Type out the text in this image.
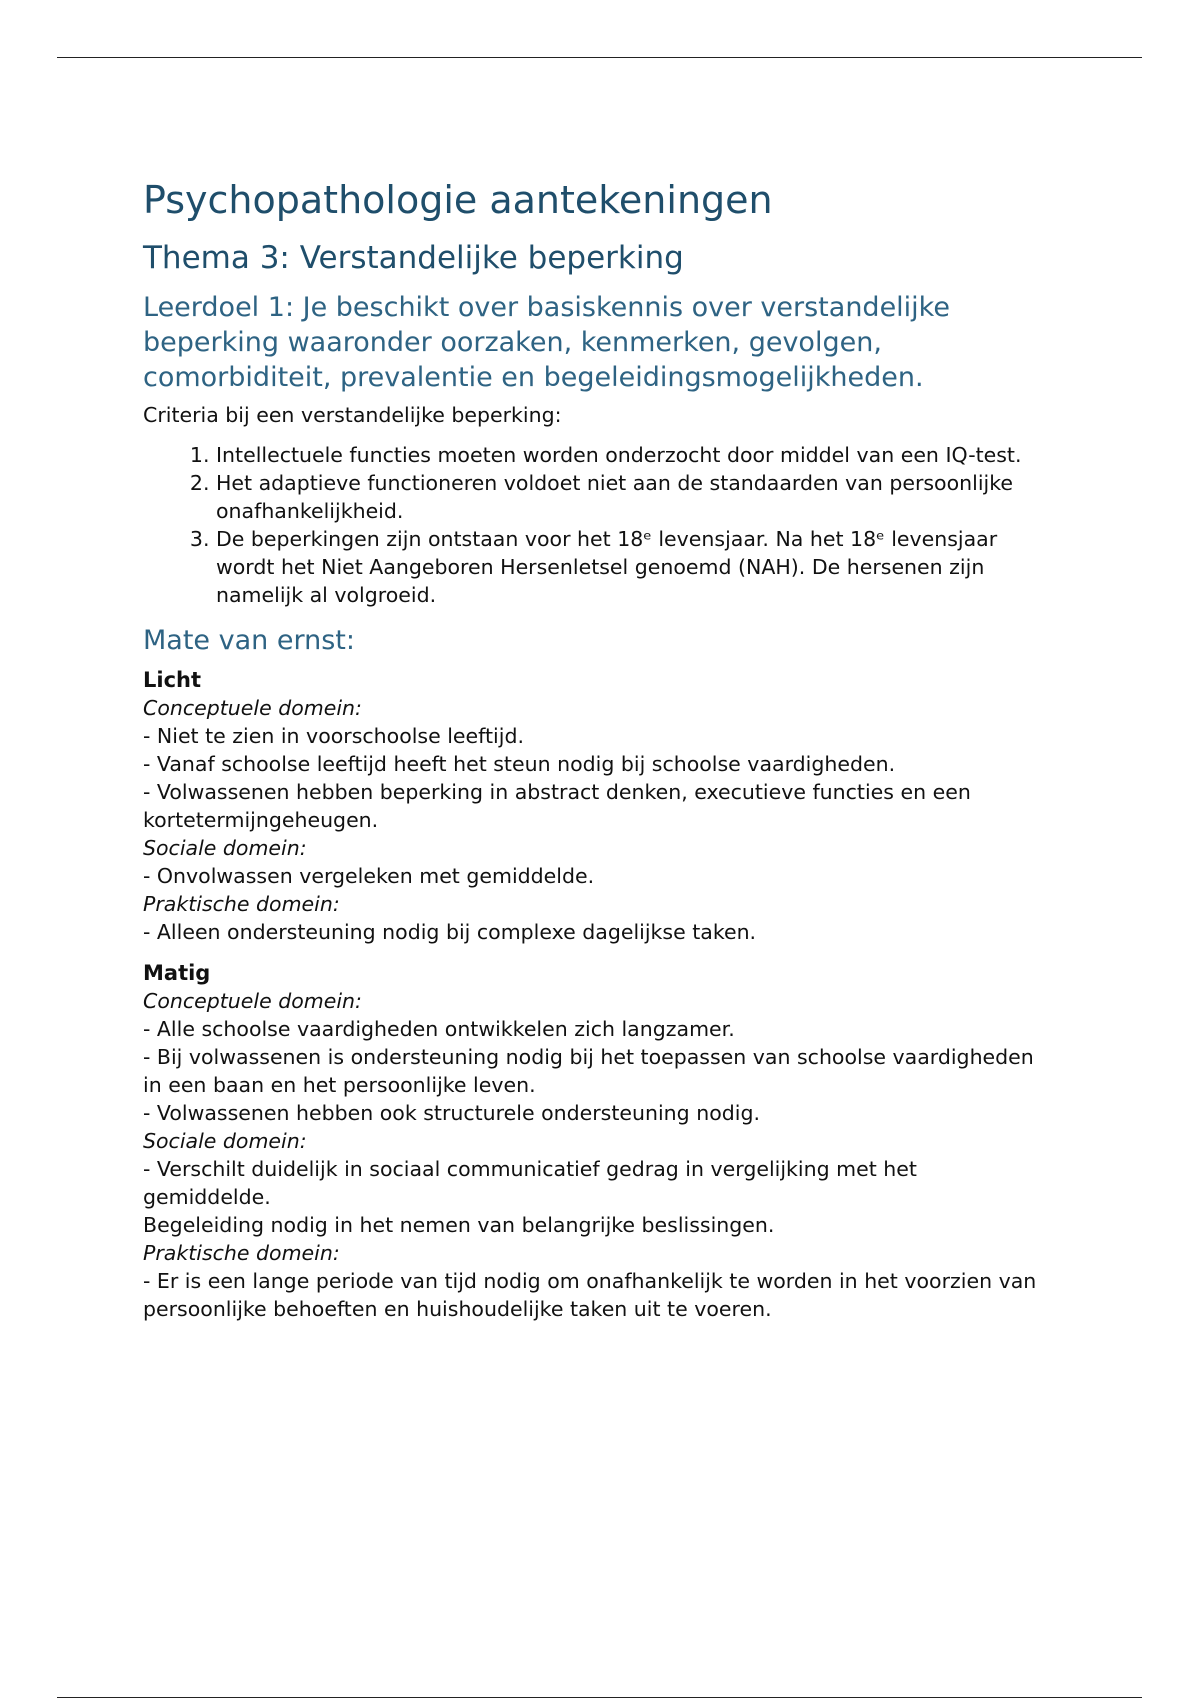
Psychopathologie aantekeningen
Thema 3: Verstandelijke beperking
Leerdoel 1: Je beschikt over basiskennis over verstandelijke beperking waaronder oorzaken, kenmerken, gevolgen, comorbiditeit, prevalentie en begeleidingsmogelijkheden.

Criteria bij een verstandelijke beperking:

1. Intellectuele functies moeten worden onderzocht door middel van een IQ-test.
2. Het adaptieve functioneren voldoet niet aan de standaarden van persoonlijke onafhankelijkheid.
3. De beperkingen zijn ontstaan voor het 18ᵉ levensjaar. Na het 18ᵉ levensjaar wordt het Niet Aangeboren Hersenletsel genoemd (NAH). De hersenen zijn namelijk al volgroeid.
Mate van ernst:

Licht

Conceptuele domein:

- Niet te zien in voorschoolse leeftijd.

- Vanaf schoolse leeftijd heeft het steun nodig bij schoolse vaardigheden.

- Volwassenen hebben beperking in abstract denken, executieve functies en een kortetermijngeheugen.

Sociale domein:

- Onvolwassen vergeleken met gemiddelde.

Praktische domein:

- Alleen ondersteuning nodig bij complexe dagelijkse taken.

Matig

Conceptuele domein:

- Alle schoolse vaardigheden ontwikkelen zich langzamer.

- Bij volwassenen is ondersteuning nodig bij het toepassen van schoolse vaardigheden in een baan en het persoonlijke leven.

- Volwassenen hebben ook structurele ondersteuning nodig.

Sociale domein:

- Verschilt duidelijk in sociaal communicatief gedrag in vergelijking met het gemiddelde.

Begeleiding nodig in het nemen van belangrijke beslissingen.

Praktische domein:

- Er is een lange periode van tijd nodig om onafhankelijk te worden in het voorzien van persoonlijke behoeften en huishoudelijke taken uit te voeren.
